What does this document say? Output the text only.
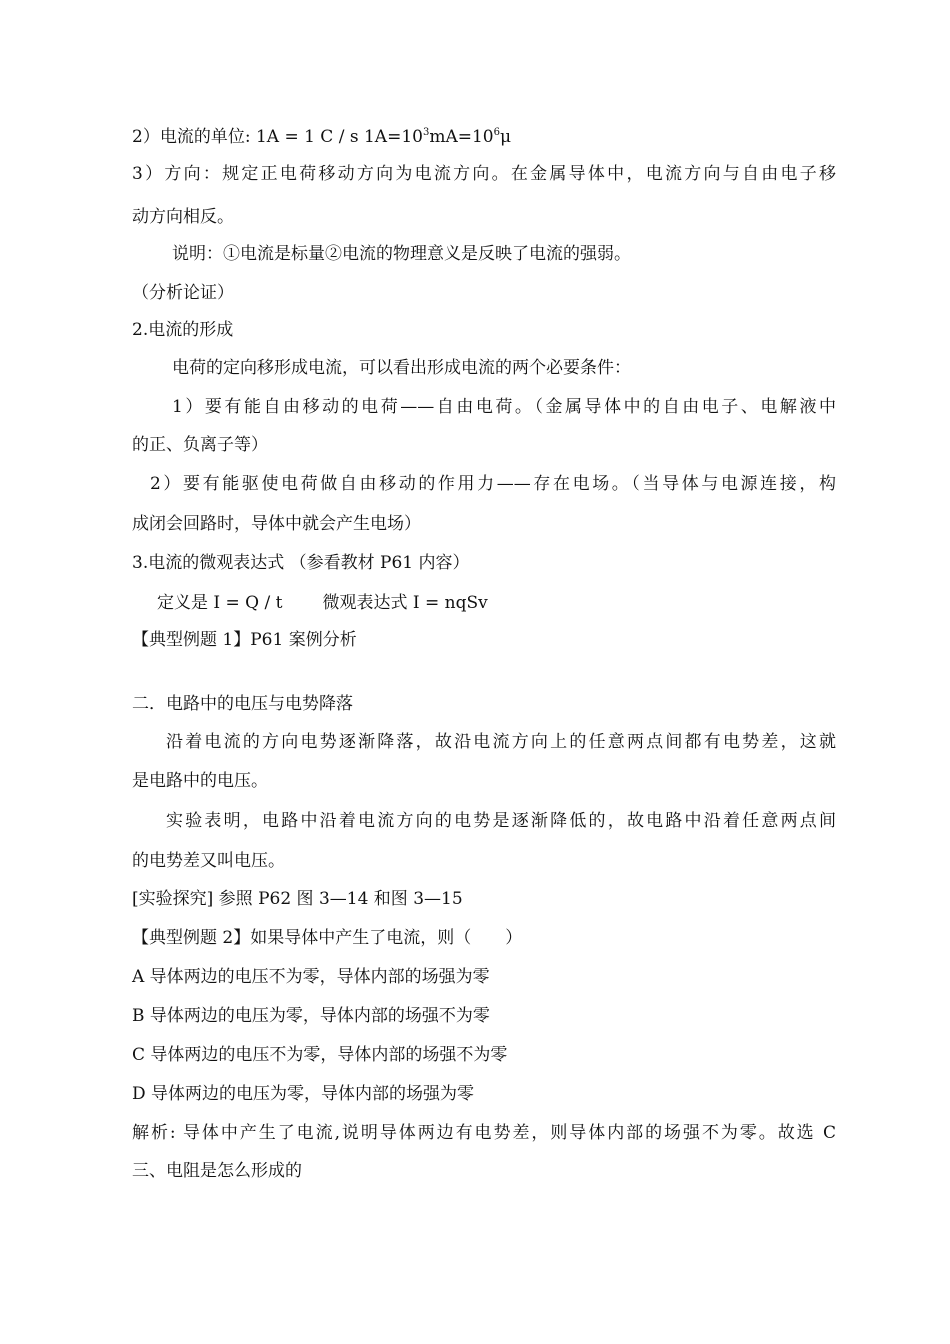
2）电流的单位: 1A = 1 C / s $1A=10^3mA=10^6\mu$
3）方向：规定正电荷移动方向为电流方向。在金属导体中，电流方向与自由电子移
动方向相反。
说明：①电流是标量②电流的物理意义是反映了电流的强弱。
（分析论证）
2.电流的形成
电荷的定向移形成电流，可以看出形成电流的两个必要条件：
1）要有能自由移动的电荷——自由电荷。（金属导体中的自由电子、电解液中
的正、负离子等）
2）要有能驱使电荷做自由移动的作用力——存在电场。（当导体与电源连接，构
成闭会回路时，导体中就会产生电场）
3.电流的微观表达式 （参看教材 P61 内容）
定义是 I = Q / t 微观表达式 I = nqSv
【典型例题 1】P61 案例分析
二．电路中的电压与电势降落
沿着电流的方向电势逐渐降落，故沿电流方向上的任意两点间都有电势差，这就
是电路中的电压。
实验表明，电路中沿着电流方向的电势是逐渐降低的，故电路中沿着任意两点间
的电势差又叫电压。
[实验探究] 参照 P62 图 3—14 和图 3—15
【典型例题 2】如果导体中产生了电流，则（　　）
A 导体两边的电压不为零，导体内部的场强为零
B 导体两边的电压为零，导体内部的场强不为零
C 导体两边的电压不为零，导体内部的场强不为零
D 导体两边的电压为零，导体内部的场强为零
解析: 导体中产生了电流,说明导体两边有电势差，则导体内部的场强不为零。故选 C
三、电阻是怎么形成的
